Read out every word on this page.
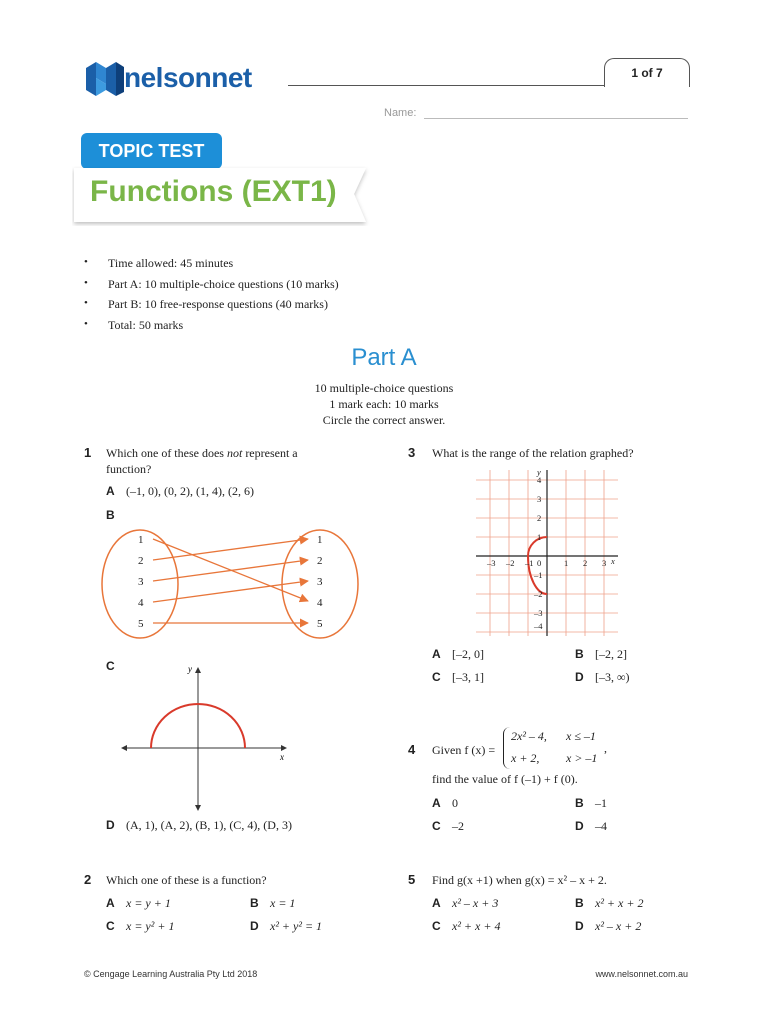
nelsonnet	1 of 7
Name:
TOPIC TEST
Functions (EXT1)
• Time allowed: 45 minutes
• Part A: 10 multiple-choice questions (10 marks)
• Part B: 10 free-response questions (40 marks)
• Total: 50 marks
Part A
10 multiple-choice questions
1 mark each: 10 marks
Circle the correct answer.
1 Which one of these does not represent a
function?
A (–1, 0), (0, 2), (1, 4), (2, 6)
B
1
2
3
4
5
1
2
3
4
5
C	y
x
D (A, 1), (A, 2), (B, 1), (C, 4), (D, 3)
2 Which one of these is a function?
A x = y + 1	B x = 1
C x = y² + 1	D x² + y² = 1
3 What is the range of the relation graphed?
–3 –2 –1 0	1 2 3
4
3
2
1
–1
–2
–3
–4
y
x
A [–2, 0]	B [–2, 2]
C [–3, 1]	D [–3, ∞)
4 Given f (x) =
2x² – 4, x ≤ –1
x + 2, x > –1
,
find the value of f (–1) + f (0).
A 0	B –1
C –2	D –4
5 Find g(x +1) when g(x) = x² – x + 2.
A x² – x + 3	B x² + x + 2
C x² + x + 4	D x² – x + 2
© Cengage Learning Australia Pty Ltd 2018	www.nelsonnet.com.au
